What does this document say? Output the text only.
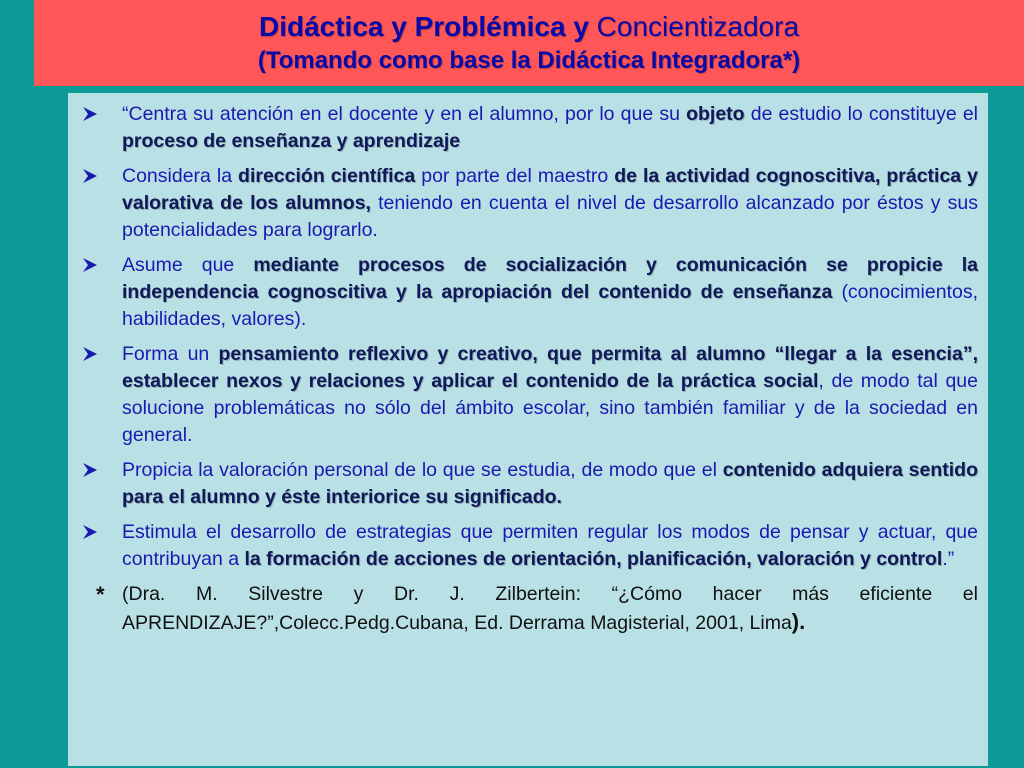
Didáctica y Problémica y Concientizadora
(Tomando como base la Didáctica Integradora*)
“Centra su atención en el docente y en el alumno, por lo que su objeto de estudio lo constituye el proceso de enseñanza y aprendizaje
Considera la dirección científica por parte del maestro de la actividad cognoscitiva, práctica y valorativa de los alumnos, teniendo en cuenta el nivel de desarrollo alcanzado por éstos y sus potencialidades para lograrlo.
Asume que mediante procesos de socialización y comunicación se propicie la independencia cognoscitiva y la apropiación del contenido de enseñanza (conocimientos, habilidades, valores).
Forma un pensamiento reflexivo y creativo, que permita al alumno “llegar a la esencia”, establecer nexos y relaciones y aplicar el contenido de la práctica social, de modo tal que solucione problemáticas no sólo del ámbito escolar, sino también familiar y de la sociedad en general.
Propicia la valoración personal de lo que se estudia, de modo que el contenido adquiera sentido para el alumno y éste interiorice su significado.
Estimula el desarrollo de estrategias que permiten regular los modos de pensar y actuar, que contribuyan a la formación de acciones de orientación, planificación, valoración y control.”
* (Dra. M. Silvestre y Dr. J. Zilbertein: “¿Cómo hacer más eficiente el APRENDIZAJE?”,Colecc.Pedg.Cubana, Ed. Derrama Magisterial, 2001, Lima).
